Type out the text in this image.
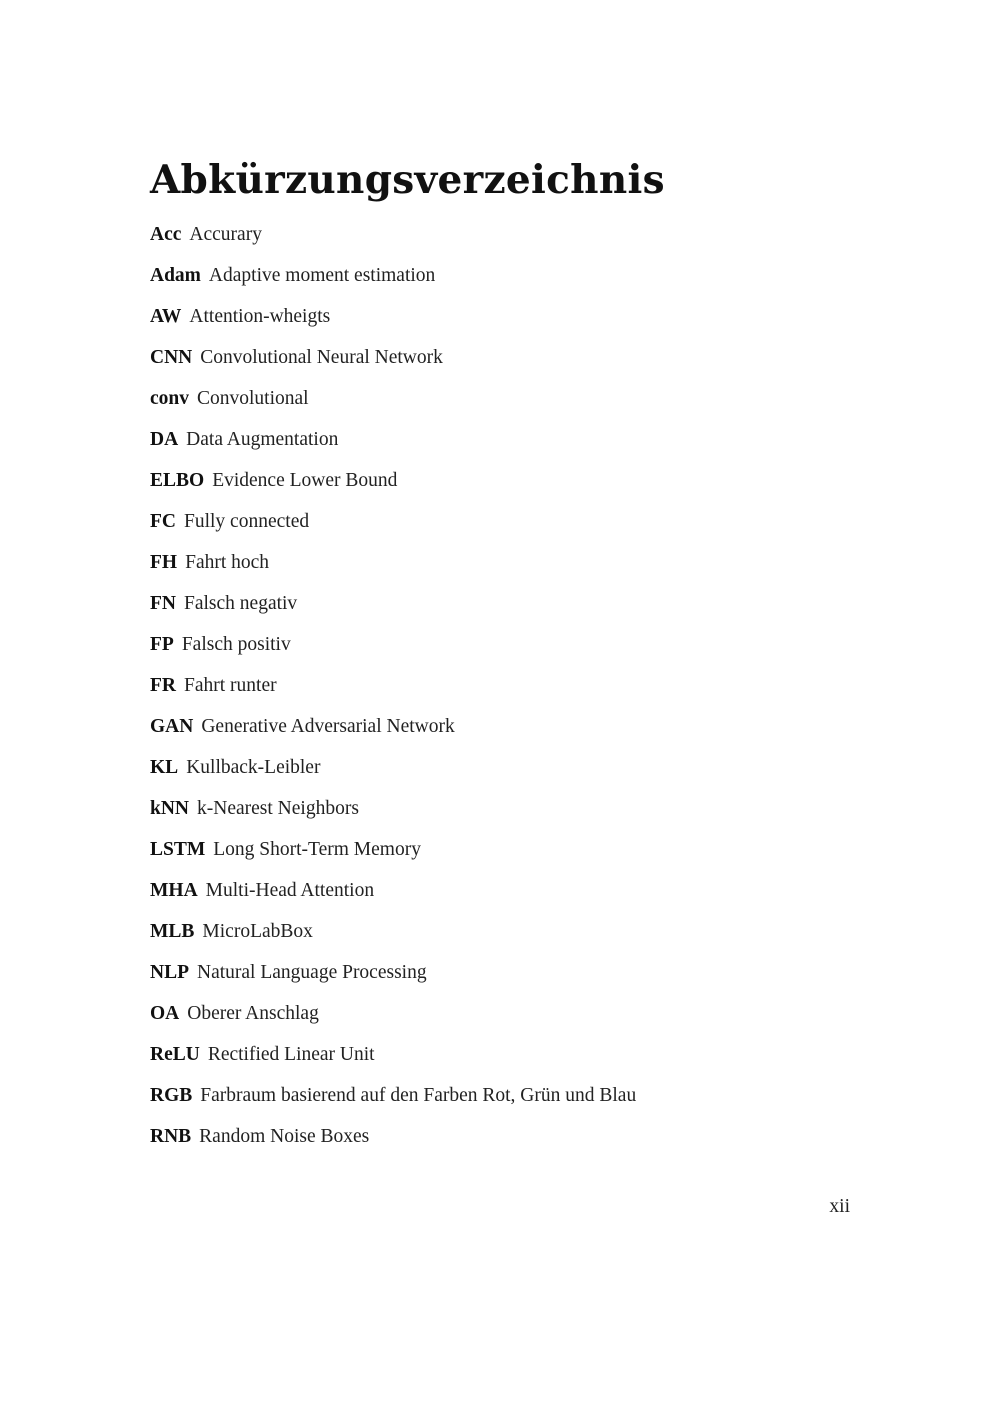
Abkürzungsverzeichnis
Acc Accurary
Adam Adaptive moment estimation
AW Attention-wheigts
CNN Convolutional Neural Network
conv Convolutional
DA Data Augmentation
ELBO Evidence Lower Bound
FC Fully connected
FH Fahrt hoch
FN Falsch negativ
FP Falsch positiv
FR Fahrt runter
GAN Generative Adversarial Network
KL Kullback-Leibler
kNN k-Nearest Neighbors
LSTM Long Short-Term Memory
MHA Multi-Head Attention
MLB MicroLabBox
NLP Natural Language Processing
OA Oberer Anschlag
ReLU Rectified Linear Unit
RGB Farbraum basierend auf den Farben Rot, Grün und Blau
RNB Random Noise Boxes
xii
